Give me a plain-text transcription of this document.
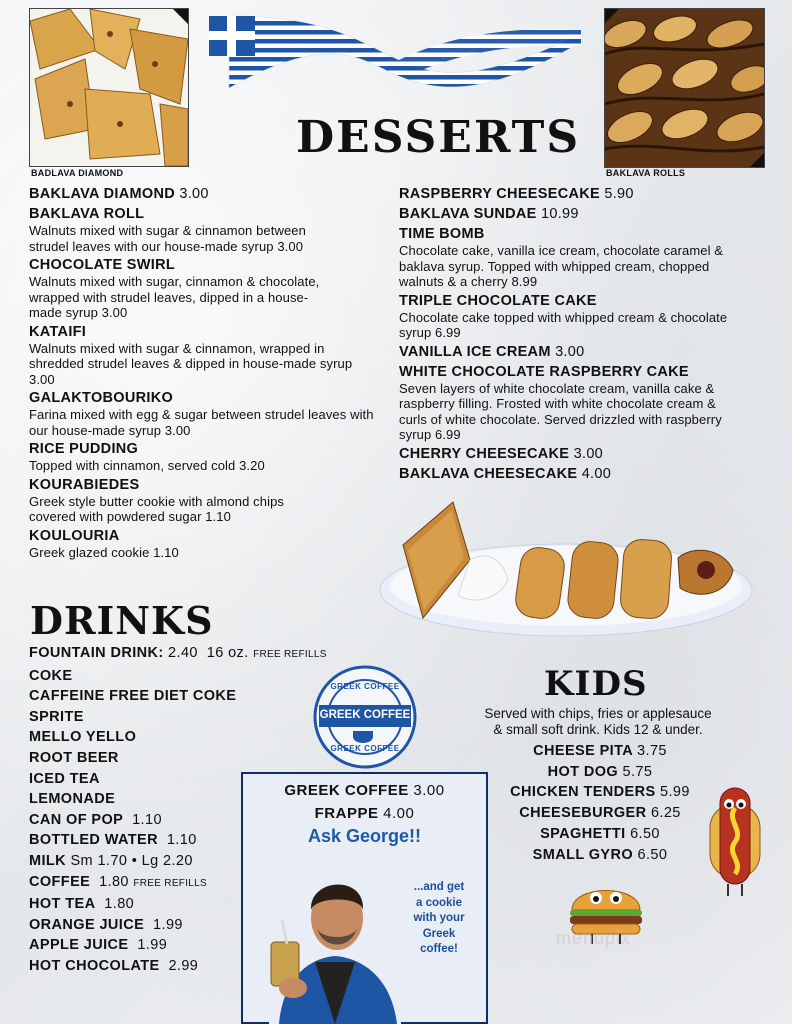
BADLAVA DIAMOND
DESSERTS
BAKLAVA ROLLS
BAKLAVA DIAMOND 3.00
BAKLAVA ROLL
Walnuts mixed with sugar & cinnamon between strudel leaves with our house-made syrup 3.00
CHOCOLATE SWIRL
Walnuts mixed with sugar, cinnamon & chocolate, wrapped with strudel leaves, dipped in a house-made syrup 3.00
KATAIFI
Walnuts mixed with sugar & cinnamon, wrapped in shredded strudel leaves & dipped in house-made syrup 3.00
GALAKTOBOURIKO
Farina mixed with egg & sugar between strudel leaves with our house-made syrup 3.00
RICE PUDDING
Topped with cinnamon, served cold 3.20
KOURABIEDES
Greek style butter cookie with almond chips covered with powdered sugar 1.10
KOULOURIA
Greek glazed cookie 1.10
RASPBERRY CHEESECAKE 5.90
BAKLAVA SUNDAE 10.99
TIME BOMB
Chocolate cake, vanilla ice cream, chocolate caramel & baklava syrup. Topped with whipped cream, chopped walnuts & a cherry 8.99
TRIPLE CHOCOLATE CAKE
Chocolate cake topped with whipped cream & chocolate syrup 6.99
VANILLA ICE CREAM 3.00
WHITE CHOCOLATE RASPBERRY CAKE
Seven layers of white chocolate cream, vanilla cake & raspberry filling. Frosted with white chocolate cream & curls of white chocolate. Served drizzled with raspberry syrup 6.99
CHERRY CHEESECAKE 3.00
BAKLAVA CHEESECAKE 4.00
DRINKS
FOUNTAIN DRINK: 2.40 16 oz. FREE REFILLS
COKE
CAFFEINE FREE DIET COKE
SPRITE
MELLO YELLO
ROOT BEER
ICED TEA
LEMONADE
CAN OF POP 1.10
BOTTLED WATER 1.10
MILK Sm 1.70 • Lg 2.20
COFFEE 1.80 FREE REFILLS
HOT TEA 1.80
ORANGE JUICE 1.99
APPLE JUICE 1.99
HOT CHOCOLATE 2.99
GREEK COFFEE
GREEK COFFEE
GREEK COFFEE
GREEK COFFEE 3.00
FRAPPE 4.00
Ask George!!
...and get
a cookie
with your
Greek
coffee!
KIDS
Served with chips, fries or applesauce
& small soft drink. Kids 12 & under.
CHEESE PITA 3.75
HOT DOG 5.75
CHICKEN TENDERS 5.99
CHEESEBURGER 6.25
SPAGHETTI 6.50
SMALL GYRO 6.50
menupix
